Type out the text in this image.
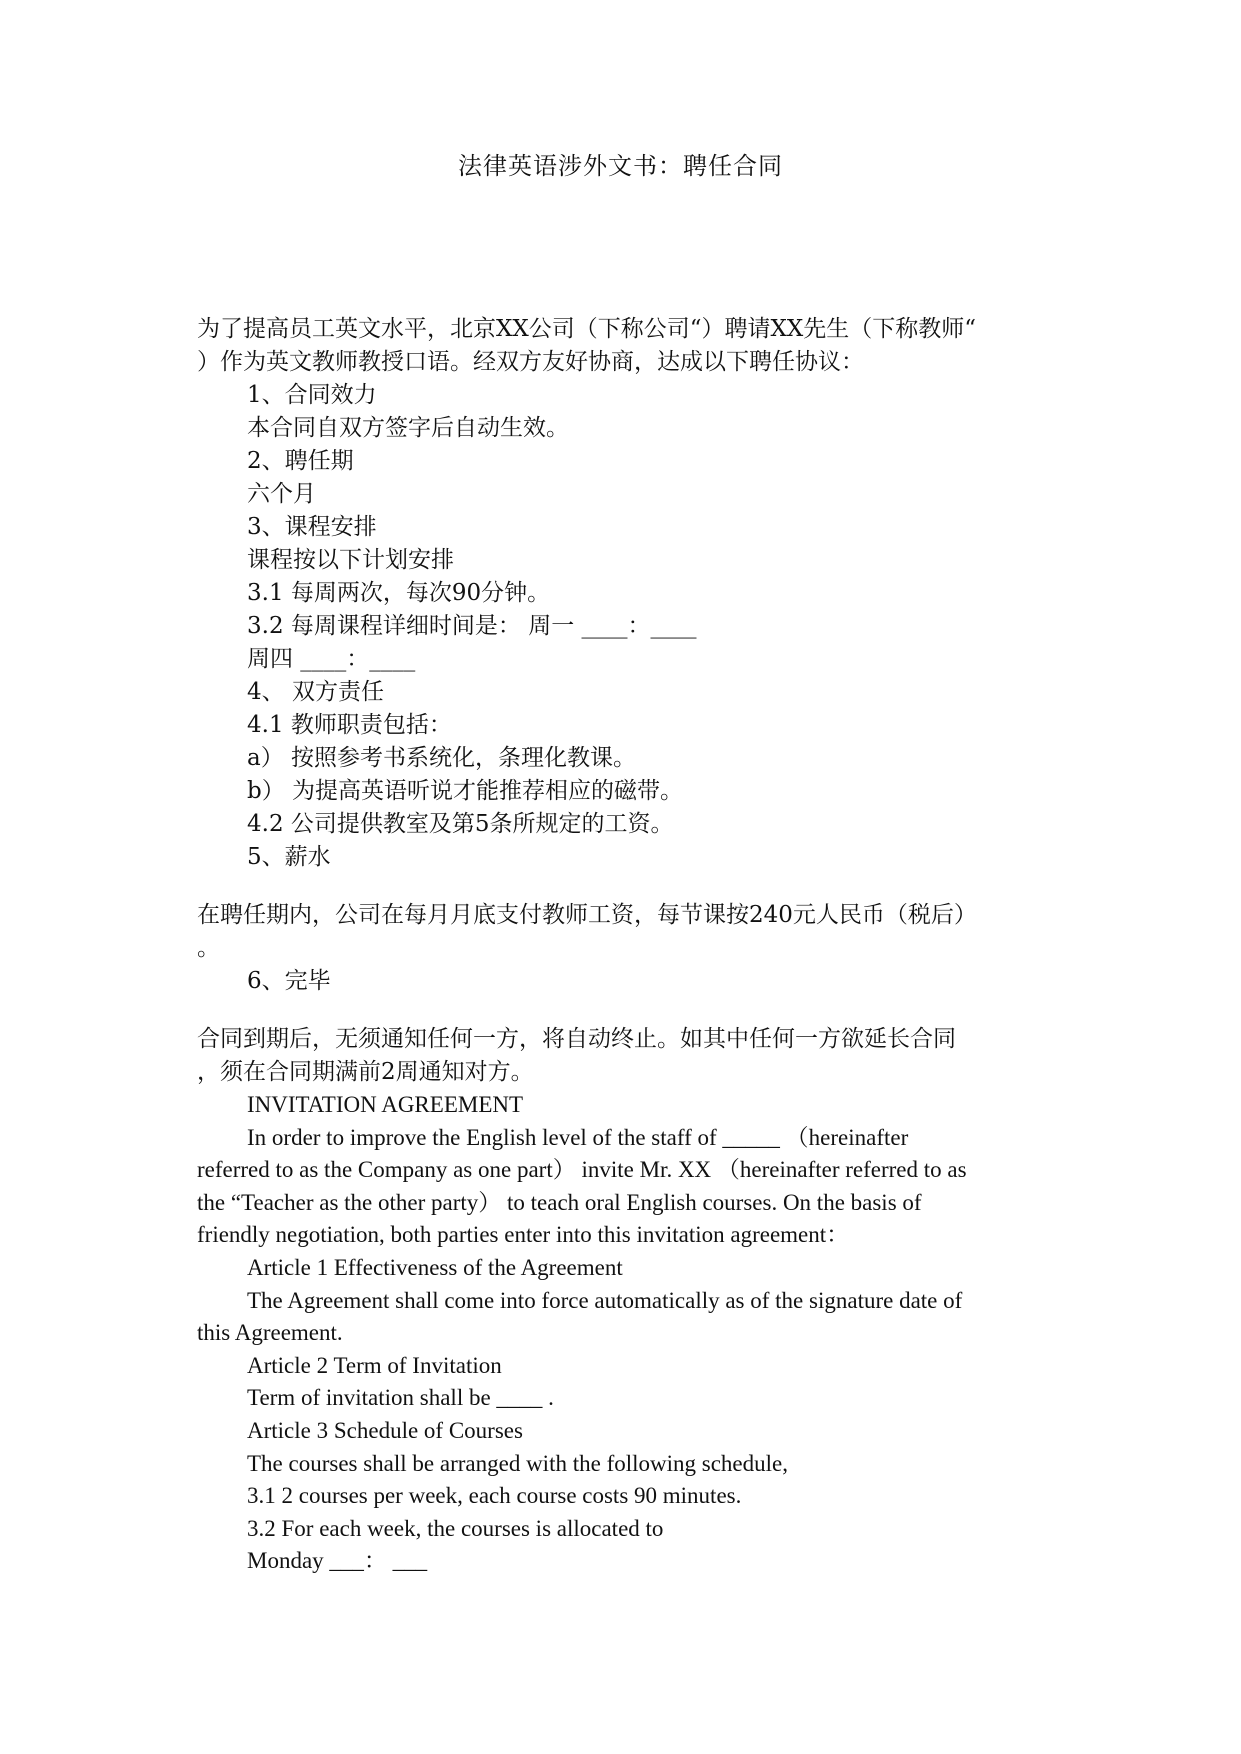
法律英语涉外文书：聘任合同
为了提高员工英文水平，北京XX公司（下称公司“）聘请XX先生（下称教师“
）作为英文教师教授口语。经双方友好协商，达成以下聘任协议：
1、合同效力
本合同自双方签字后自动生效。
2、聘任期
六个月
3、课程安排
课程按以下计划安排
3.1 每周两次，每次90分钟。
3.2 每周课程详细时间是： 周一 ____：____
周四 ____：____
4、 双方责任
4.1 教师职责包括：
a） 按照参考书系统化，条理化教课。
b） 为提高英语听说才能推荐相应的磁带。
4.2 公司提供教室及第5条所规定的工资。
5、薪水
在聘任期内，公司在每月月底支付教师工资，每节课按240元人民币（税后）
。
6、完毕
合同到期后，无须通知任何一方，将自动终止。如其中任何一方欲延长合同
，须在合同期满前2周通知对方。
INVITATION AGREEMENT
In order to improve the English level of the staff of _____ （hereinafter
referred to as the Company as one part） invite Mr. XX （hereinafter referred to as
the “Teacher as the other party） to teach oral English courses. On the basis of
friendly negotiation, both parties enter into this invitation agreement：
Article 1 Effectiveness of the Agreement
The Agreement shall come into force automatically as of the signature date of
this Agreement.
Article 2 Term of Invitation
Term of invitation shall be ____ .
Article 3 Schedule of Courses
The courses shall be arranged with the following schedule,
3.1 2 courses per week, each course costs 90 minutes.
3.2 For each week, the courses is allocated to
Monday ___： ___
